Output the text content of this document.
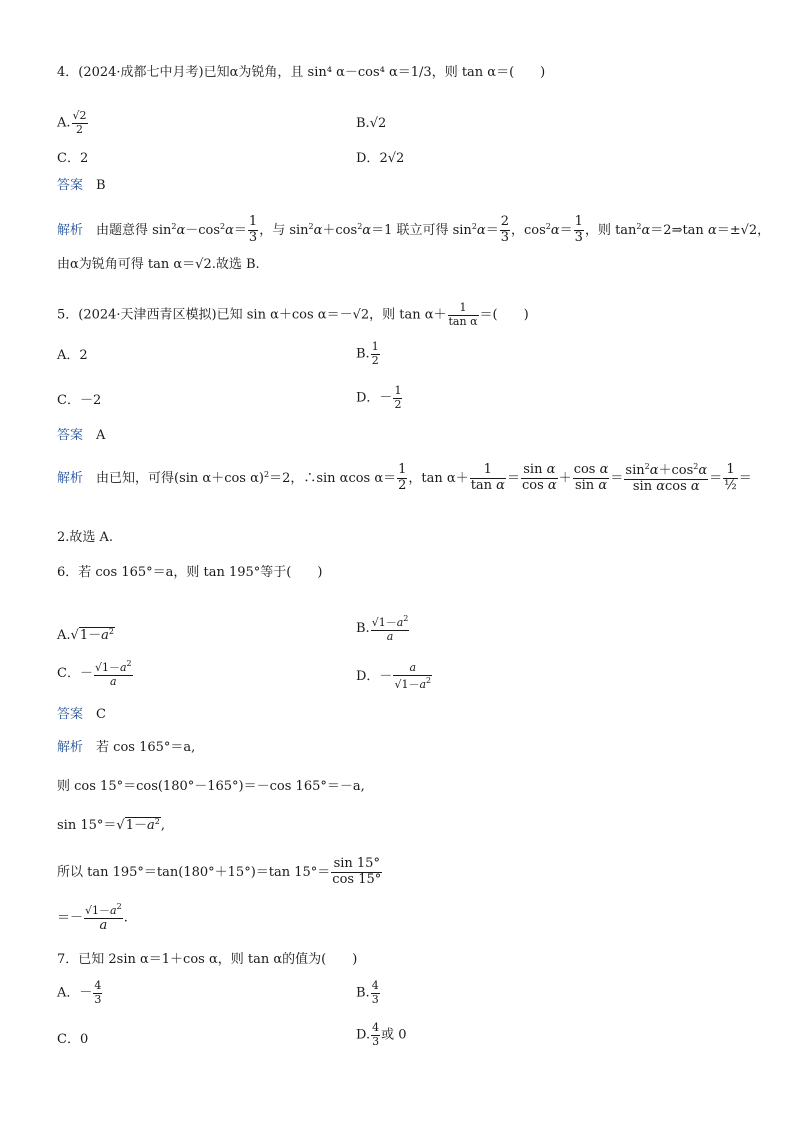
4．(2024·成都七中月考)已知α为锐角，且 sin⁴ α－cos⁴ α＝1/3，则 tan α＝(　　)
A. $\frac{√2}{2}$	B.√2
C．2	D．2√2
答案　 B
解析　由题意得 $\sin^2\alpha-\cos^2\alpha= \frac{1}{3}$ ，与 $\sin^2\alpha+\cos^2\alpha=1$ 联立可得 $\sin^2\alpha= \frac{2}{3}$ ，$\cos^2\alpha= \frac{1}{3}$ ，则 $\tan^2\alpha=2\Rightarrow\tan$ α＝±√2，
由α为锐角可得 tan α＝√2.故选 B.
5．(2024·天津西青区模拟)已知 sin α＋cos α＝－√2，则 $\tan \alpha+ \frac{1}{\text{tan α}}$ ＝(　　)
A．2	B. $\frac{1}{2}$
C．－2	D．－ $\frac{1}{2}$
答案　 A
解析　由已知，可得(sin α＋cos α)$^2$＝2，∴sin αcos $\alpha= \frac{1}{2}$ ，$\tan \alpha+ \frac{1}{\text{tan α}} = \frac{\text{sin α}}{\text{cos α}} + \frac{\text{cos α}}{\text{sin α}} = \frac{\sin^2\alpha+\cos^2\alpha}{\text{sin αcos α}} = \frac{1}{\text{½}}$ ＝
2.故选 A.
6．若 cos 165°＝a，则 tan 195°等于(　　)
$A.√1-a^2$	B. $\frac{√1-a^2}{a}$
C．－ $\frac{√1-a^2}{a}$	D．－ $\frac{a}{√1-a^2}$
答案　 C
解析　 若 cos 165°＝a,
则 cos 15°＝cos(180°－165°)＝－cos 165°＝－a,
$\sin 15^\circ=√1-a^2$,
所以 tan 195°＝tan(180°＋15°)＝tan $15^\circ= \frac{\sin 15^\circ}{\cos 15^\circ}$
＝－ $\frac{√1-a^2}{a}$ .
7．已知 2sin α＝1＋cos α，则 tan α的值为(　　)
A．－ $\frac{4}{3}$	B. $\frac{4}{3}$
C．0	D. $\frac{4}{3}$ 或 0
